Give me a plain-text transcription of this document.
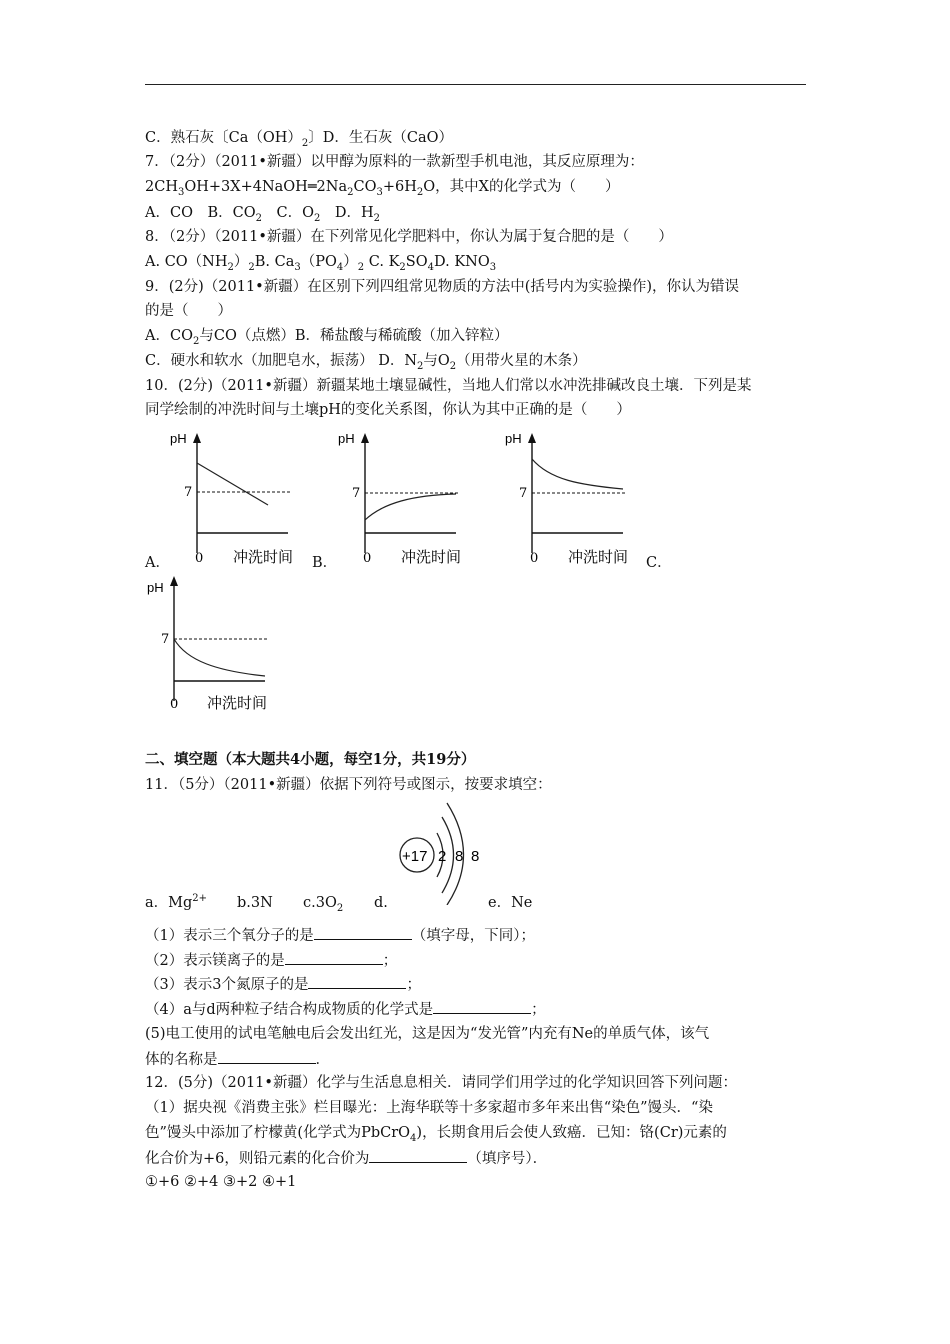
C．熟石灰〔$Ca(OH)_2$〕D．生石灰（CaO）
7．（2分）（2011•新疆）以甲醇为原料的一款新型手机电池，其反应原理为：
$2CH_3OH+3X+4NaOH═2Na_2CO_3+6H_2O$，其中X的化学式为（　　）
A．CO　B．$CO_2$　C．$O_2$　D．$H_2$
8．（2分）（2011•新疆）在下列常见化学肥料中，你认为属于复合肥的是（　　）
A. $CO(NH_2)_2B$. $Ca_3(PO_4)_2$ C. $K_2SO_4D$. $KNO_3$
9．(2分)（2011•新疆）在区别下列四组常见物质的方法中(括号内为实验操作)，你认为错误
的是（　　）
A．$CO_2$与CO（点燃）B．稀盐酸与稀硫酸（加入锌粒）
C．硬水和软水（加肥皂水，振荡） D．$N_2$与$O_2$（用带火星的木条）
10．(2分)（2011•新疆）新疆某地土壤显碱性，当地人们常以水冲洗排碱改良土壤．下列是某
同学绘制的冲洗时间与土壤pH的变化关系图，你认为其中正确的是（　　）
pH
7
0 冲洗时间
A．
pH
7
0 冲洗时间
B．
pH
7
0 冲洗时间 C．
pH
7
0 冲洗时间
二、填空题（本大题共4小题，每空1分，共19分）
11．（5分）（2011•新疆）依据下列符号或图示，按要求填空：
+17 2 8 8
a．$Mg^{2+}$ b.3N $c.3O_2$ d.	e．Ne
（1）表示三个氧分子的是	（填字母，下同）；
（2）表示镁离子的是	；
（3）表示3个氮原子的是	；
（4）a与d两种粒子结合构成物质的化学式是	；
(5)电工使用的试电笔触电后会发出红光，这是因为“发光管”内充有Ne的单质气体，该气
体的名称是	．
12．(5分)（2011•新疆）化学与生活息息相关．请同学们用学过的化学知识回答下列问题：
（1）据央视《消费主张》栏目曝光：上海华联等十多家超市多年来出售“染色”馒头．“染
色”馒头中添加了柠檬黄(化学式为PbCrO$_4$)，长期食用后会使人致癌．已知：铬(Cr)元素的
化合价为+6，则铅元素的化合价为	（填序号）．
①+6 ②+4 ③+2 ④+1
